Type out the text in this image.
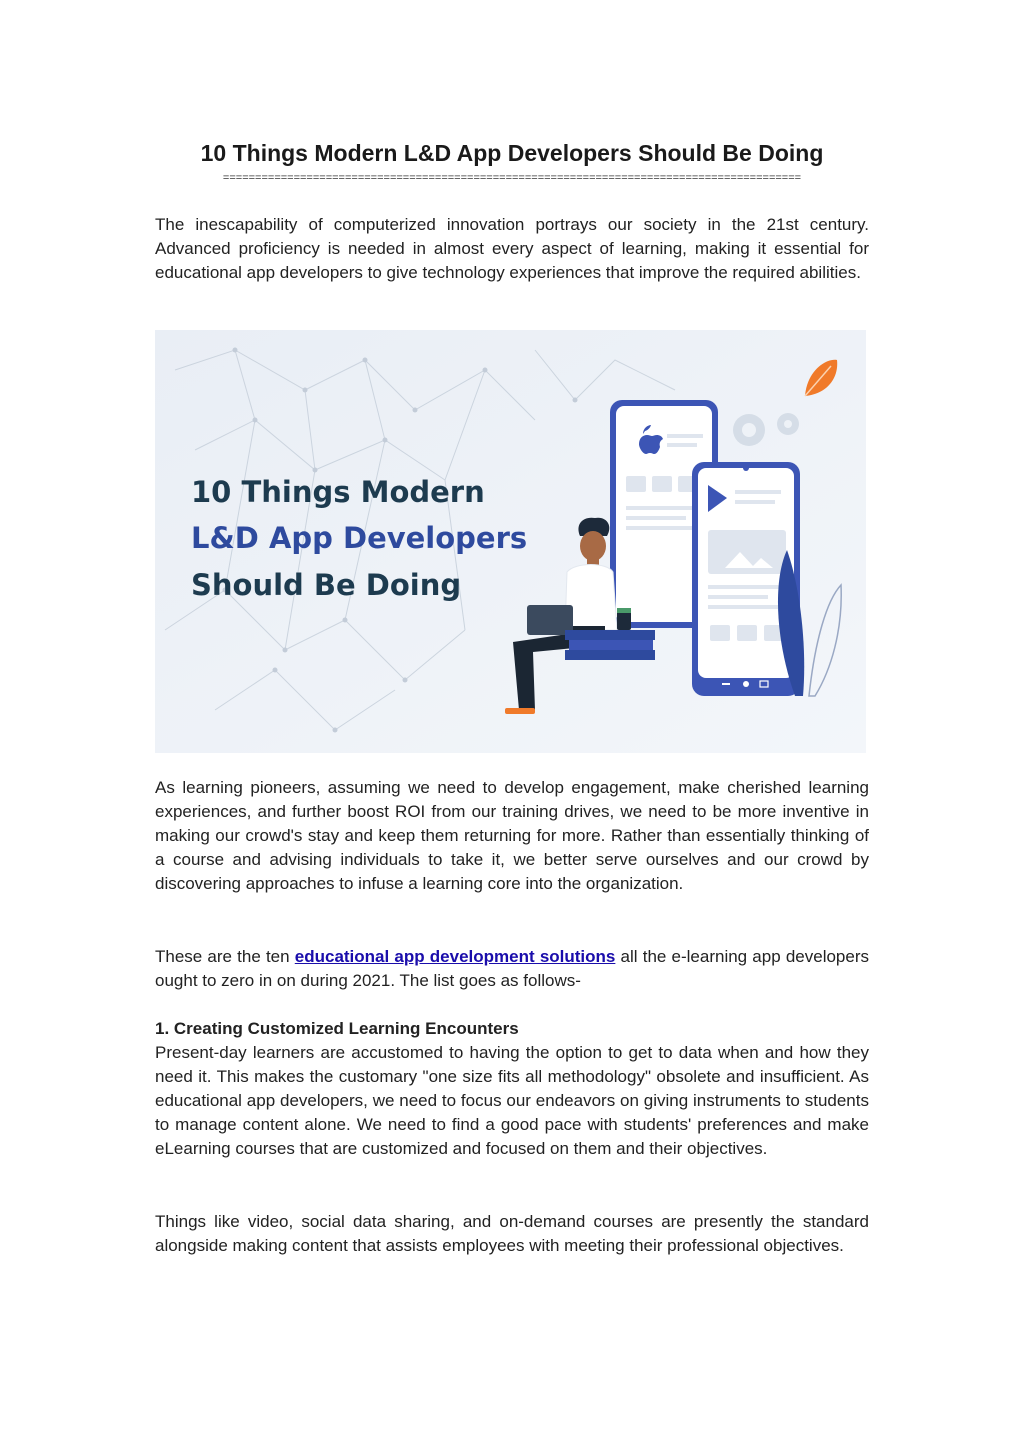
10 Things Modern L&D App Developers Should Be Doing
==========================================================================================

The inescapability of computerized innovation portrays our society in the 21st century. Advanced proficiency is needed in almost every aspect of learning, making it essential for educational app developers to give technology experiences that improve the required abilities.

10 Things Modern
L&D App Developers
Should Be Doing

As learning pioneers, assuming we need to develop engagement, make cherished learning experiences, and further boost ROI from our training drives, we need to be more inventive in making our crowd's stay and keep them returning for more. Rather than essentially thinking of a course and advising individuals to take it, we better serve ourselves and our crowd by discovering approaches to infuse a learning core into the organization.

These are the ten educational app development solutions all the e-learning app developers ought to zero in on during 2021. The list goes as follows-

1. Creating Customized Learning Encounters

Present-day learners are accustomed to having the option to get to data when and how they need it. This makes the customary "one size fits all methodology" obsolete and insufficient. As educational app developers, we need to focus our endeavors on giving instruments to students to manage content alone. We need to find a good pace with students' preferences and make eLearning courses that are customized and focused on them and their objectives.

Things like video, social data sharing, and on-demand courses are presently the standard alongside making content that assists employees with meeting their professional objectives.
